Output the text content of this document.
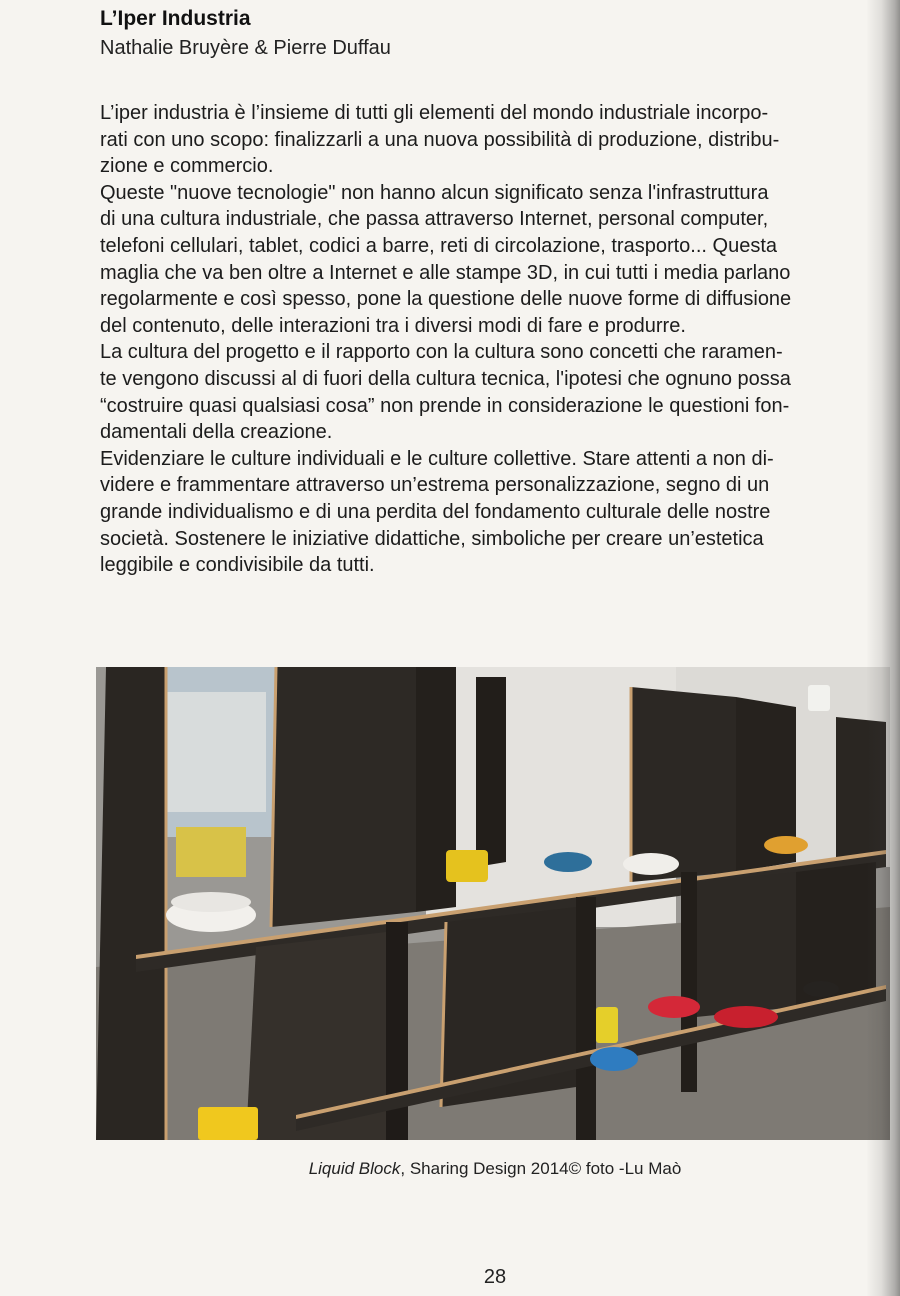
L’Iper Industria
Nathalie Bruyère & Pierre Duffau

L’iper industria è l’insieme di tutti gli elementi del mondo industriale incorpo-

rati con uno scopo: finalizzarli a una nuova possibilità di produzione, distribu-

zione e commercio.

Queste "nuove tecnologie" non hanno alcun significato senza l'infrastruttura

di una cultura industriale, che passa attraverso Internet, personal computer,

telefoni cellulari, tablet, codici a barre, reti di circolazione, trasporto... Questa

maglia che va ben oltre a Internet e alle stampe 3D, in cui tutti i media parlano

regolarmente e così spesso, pone la questione delle nuove forme di diffusione

del contenuto, delle interazioni tra i diversi modi di fare e produrre.

La cultura del progetto e il rapporto con la cultura sono concetti che raramen-

te vengono discussi al di fuori della cultura tecnica, l'ipotesi che ognuno possa

“costruire quasi qualsiasi cosa” non prende in considerazione le questioni fon-

damentali della creazione.

Evidenziare le culture individuali e le culture collettive. Stare attenti a non di-

videre e frammentare attraverso un’estrema personalizzazione, segno di un

grande individualismo e di una perdita del fondamento culturale delle nostre

società. Sostenere le iniziative didattiche, simboliche per creare un’estetica

leggibile e condivisibile da tutti.

Liquid Block, Sharing Design 2014© foto -Lu Maò
28
